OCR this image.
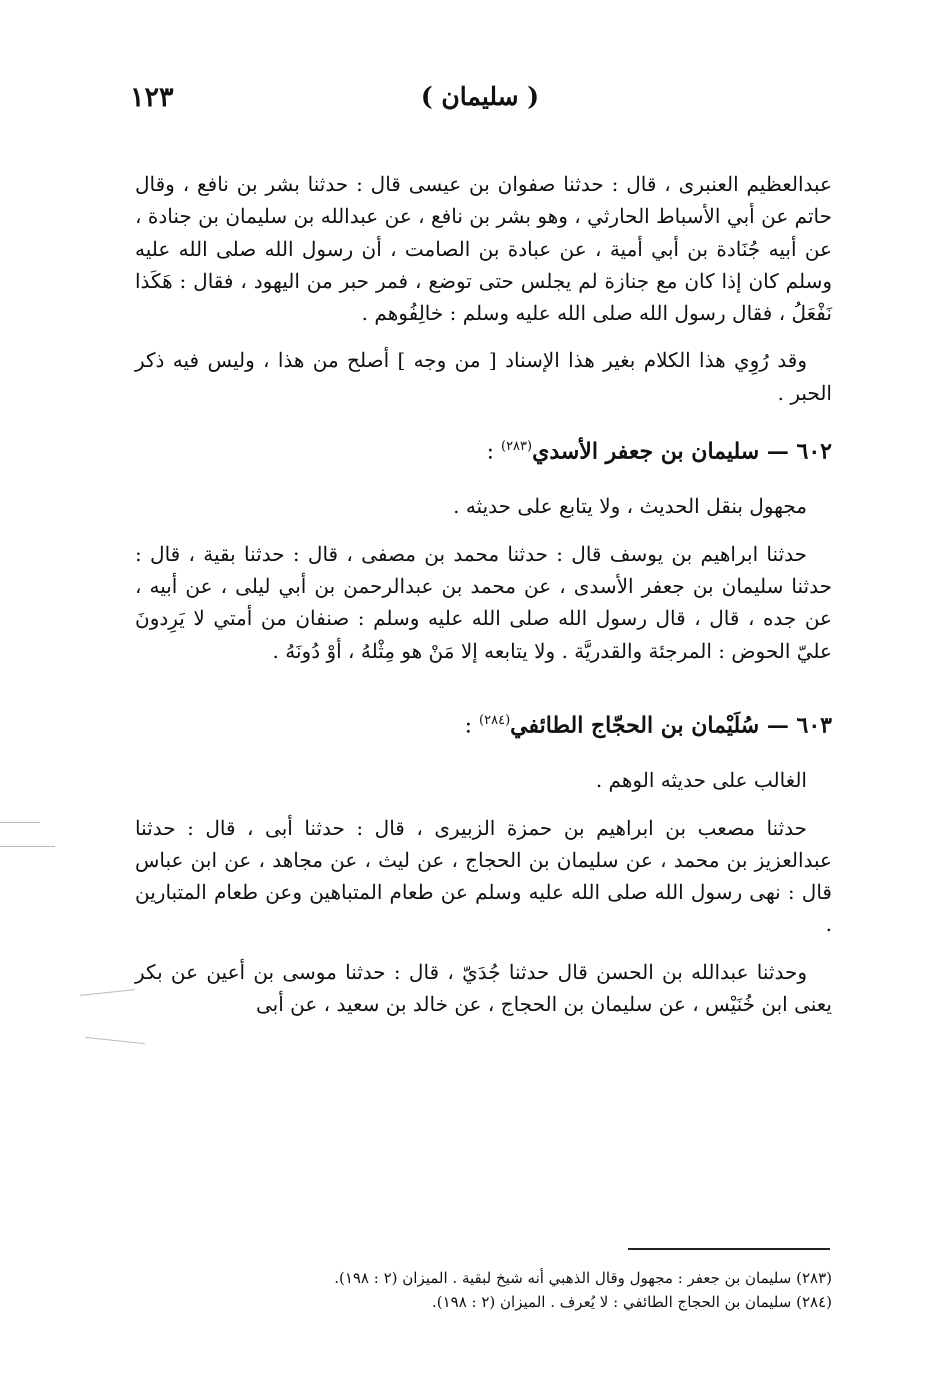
١٢٣	( سليمان )

عبدالعظيم العنبرى ، قال : حدثنا صفوان بن عيسى قال : حدثنا بشر بن نافع ، وقال حاتم عن أبي الأسباط الحارثي ، وهو بشر بن نافع ، عن عبدالله بن سليمان بن جنادة ، عن أبيه جُنَادة بن أبي أمية ، عن عبادة بن الصامت ، أن رسول الله صلى الله عليه وسلم كان إذا كان مع جنازة لم يجلس حتى توضع ، فمر حبر من اليهود ، فقال : هَكَذا نَفْعَلُ ، فقال رسول الله صلى الله عليه وسلم : خالِفُوهم .

وقد رُوِي هذا الكلام بغير هذا الإسناد [ من وجه ] أصلح من هذا ، وليس فيه ذكر الحبر .

٦٠٢ — سليمان بن جعفر الأسدي$^{(٢٨٣)}$ :

مجهول بنقل الحديث ، ولا يتابع على حديثه .

حدثنا ابراهيم بن يوسف قال : حدثنا محمد بن مصفى ، قال : حدثنا بقية ، قال : حدثنا سليمان بن جعفر الأسدى ، عن محمد بن عبدالرحمن بن أبي ليلى ، عن أبيه ، عن جده ، قال ، قال رسول الله صلى الله عليه وسلم : صنفان من أمتي لا يَرِدونَ عليّ الحوض : المرجئة والقدريَّة . ولا يتابعه إلا مَنْ هو مِثْلهُ ، أوْ دُونَهُ .

٦٠٣ — سُلَيْمان بن الحجّاج الطائفي$^{(٢٨٤)}$ :

الغالب على حديثه الوهم .

حدثنا مصعب بن ابراهيم بن حمزة الزبيرى ، قال : حدثنا أبى ، قال : حدثنا عبدالعزيز بن محمد ، عن سليمان بن الحجاج ، عن ليث ، عن مجاهد ، عن ابن عباس قال : نهى رسول الله صلى الله عليه وسلم عن طعام المتباهين وعن طعام المتبارين .

وحدثنا عبدالله بن الحسن قال حدثنا جُدَيّ ، قال : حدثنا موسى بن أعين عن بكر يعنى ابن خُنَيْس ، عن سليمان بن الحجاج ، عن خالد بن سعيد ، عن أبى

(٢٨٣) سليمان بن جعفر : مجهول وقال الذهبي أنه شيخ لبقية . الميزان (٢ : ١٩٨).

(٢٨٤) سليمان بن الحجاج الطائفي : لا يُعرف . الميزان (٢ : ١٩٨).
